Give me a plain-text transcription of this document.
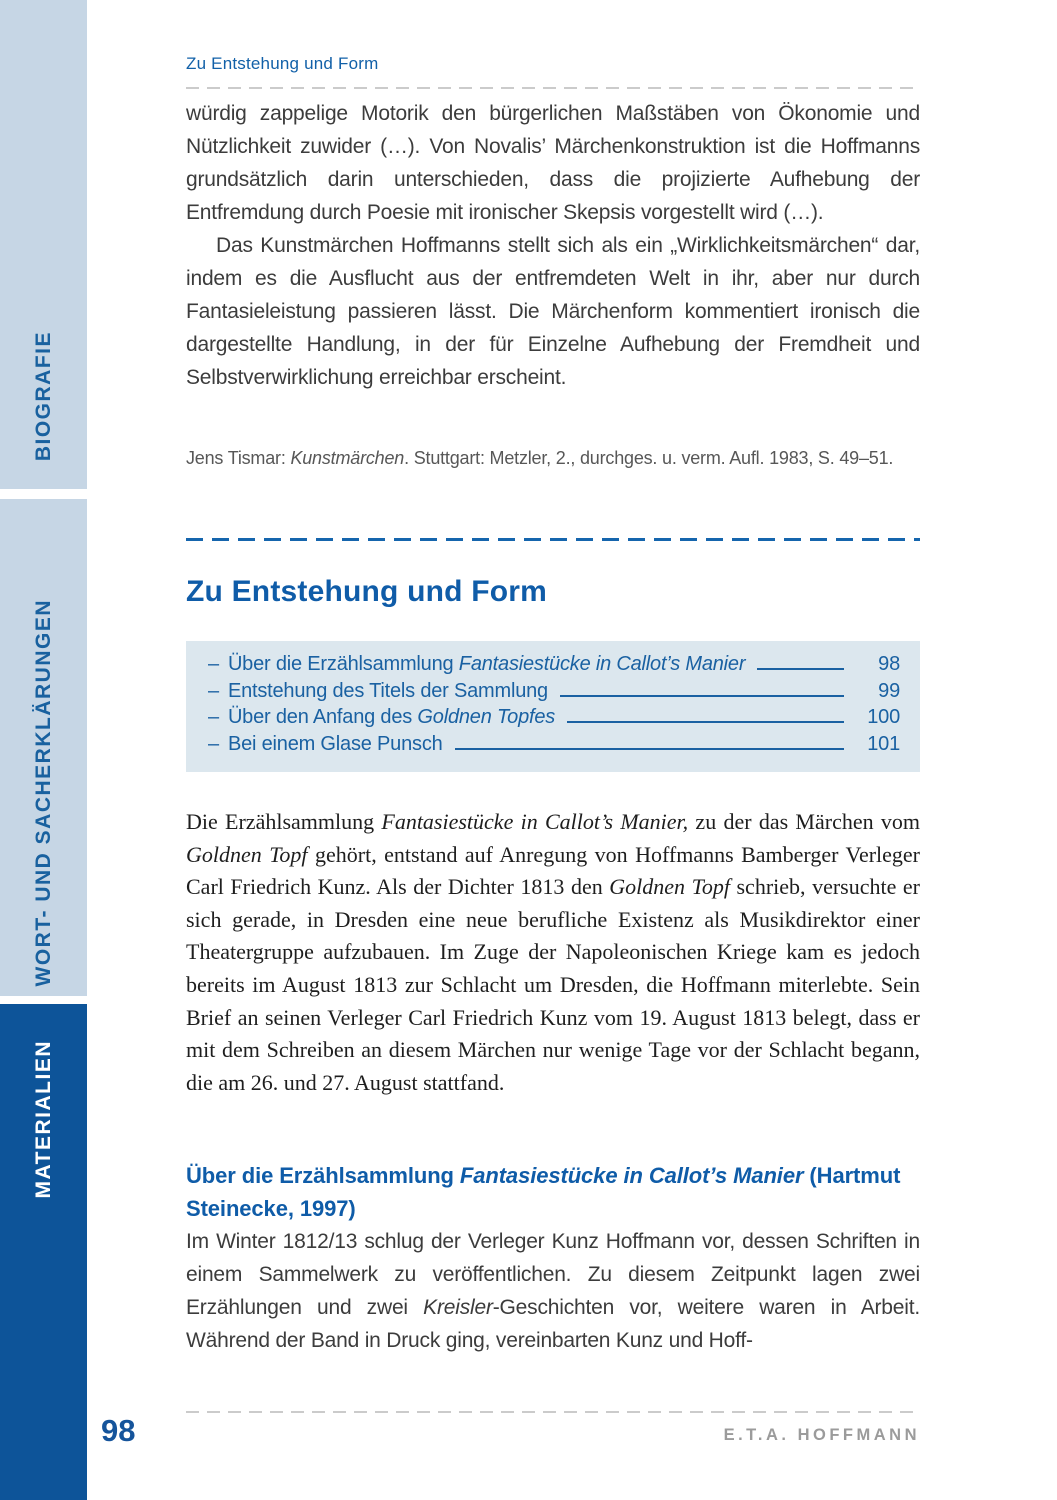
BIOGRAFIE
WORT- UND SACHERKLÄRUNGEN
MATERIALIEN
Zu Entstehung und Form

würdig zappelige Motorik den bürgerlichen Maßstäben von Ökonomie und Nützlichkeit zuwider (…). Von Novalis’ Märchenkonstruktion ist die Hoffmanns grundsätzlich darin unterschieden, dass die projizierte Aufhebung der Entfremdung durch Poesie mit ironischer Skepsis vorgestellt wird (…).

Das Kunstmärchen Hoffmanns stellt sich als ein „Wirklichkeitsmärchen“ dar, indem es die Ausflucht aus der entfremdeten Welt in ihr, aber nur durch Fantasieleistung passieren lässt. Die Märchenform kommentiert ironisch die dargestellte Handlung, in der für Einzelne Aufhebung der Fremdheit und Selbstverwirklichung erreichbar erscheint.

Jens Tismar: Kunstmärchen. Stuttgart: Metzler, 2., durchges. u. verm. Aufl. 1983, S. 49–51.

Zu Entstehung und Form
– Über die Erzählsammlung Fantasiestücke in Callot’s Manier	98
– Entstehung des Titels der Sammlung	99
– Über den Anfang des Goldnen Topfes	100
– Bei einem Glase Punsch	101

Die Erzählsammlung Fantasiestücke in Callot’s Manier, zu der das Märchen vom Goldnen Topf gehört, entstand auf Anregung von Hoffmanns Bamberger Verleger Carl Friedrich Kunz. Als der Dichter 1813 den Goldnen Topf schrieb, versuchte er sich gerade, in Dresden eine neue berufliche Existenz als Musikdirektor einer Theatergruppe aufzubauen. Im Zuge der Napoleonischen Kriege kam es jedoch bereits im August 1813 zur Schlacht um Dresden, die Hoffmann miterlebte. Sein Brief an seinen Verleger Carl Friedrich Kunz vom 19. August 1813 belegt, dass er mit dem Schreiben an diesem Märchen nur wenige Tage vor der Schlacht begann, die am 26. und 27. August stattfand.

Über die Erzählsammlung Fantasiestücke in Callot’s Manier (Hartmut Steinecke, 1997)

Im Winter 1812/13 schlug der Verleger Kunz Hoffmann vor, dessen Schriften in einem Sammelwerk zu veröffentlichen. Zu diesem Zeitpunkt lagen zwei Erzählungen und zwei Kreisler-Geschichten vor, weitere waren in Arbeit. Während der Band in Druck ging, vereinbarten Kunz und Hoff-

98	E.T.A. HOFFMANN
